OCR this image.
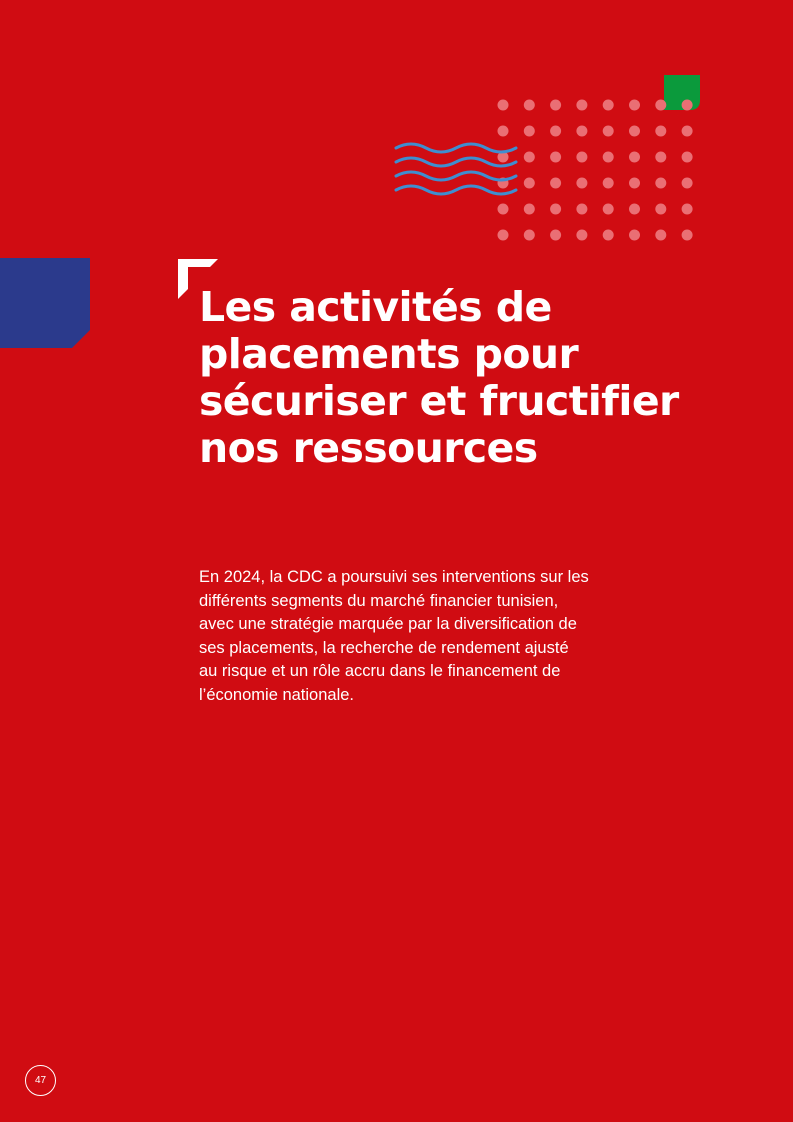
Les activités de
placements pour
sécuriser et fructifier
nos ressources

En 2024, la CDC a poursuivi ses interventions sur les
différents segments du marché financier tunisien,
avec une stratégie marquée par la diversification de
ses placements, la recherche de rendement ajusté
au risque et un rôle accru dans le financement de
l’économie nationale.

47
